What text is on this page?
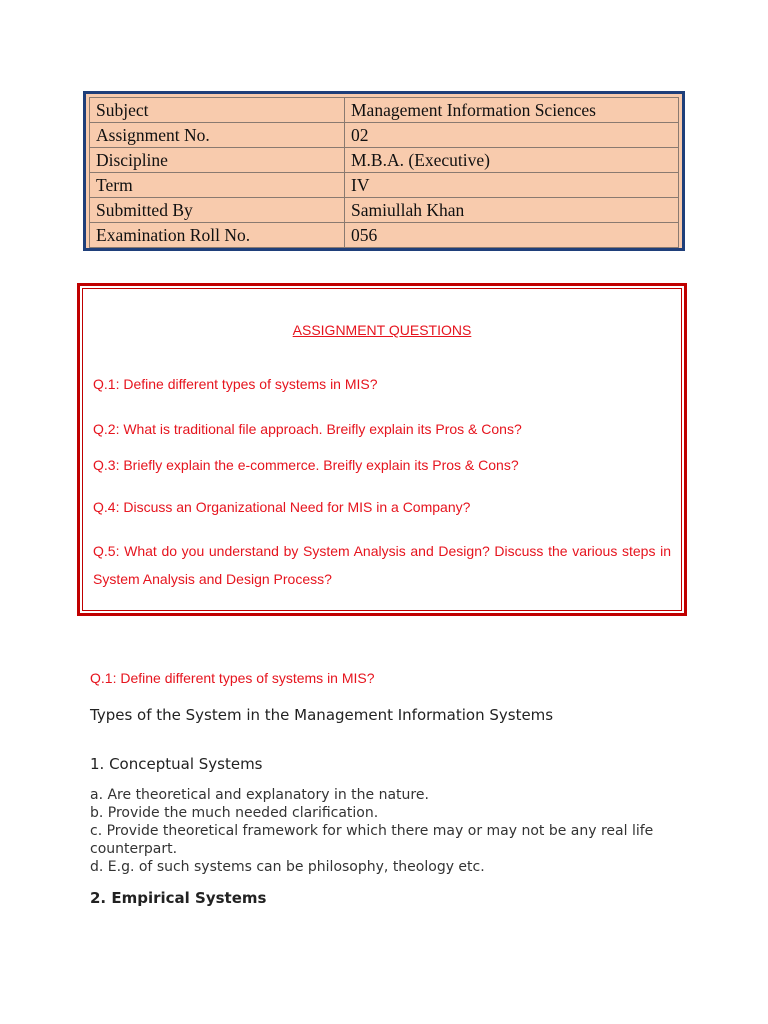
Subject	Management Information Sciences
Assignment No.	02
Discipline	M.B.A. (Executive)
Term	IV
Submitted By	Samiullah Khan
Examination Roll No.	056

ASSIGNMENT QUESTIONS

Q.1: Define different types of systems in MIS?

Q.2: What is traditional file approach. Breifly explain its Pros & Cons?

Q.3: Briefly explain the e-commerce. Breifly explain its Pros & Cons?

Q.4: Discuss an Organizational Need for MIS in a Company?

Q.5: What do you understand by System Analysis and Design? Discuss the various steps in System Analysis and Design Process?

Q.1: Define different types of systems in MIS?

Types of the System in the Management Information Systems

1. Conceptual Systems

a. Are theoretical and explanatory in the nature.
b. Provide the much needed clarification.
c. Provide theoretical framework for which there may or may not be any real life counterpart.
d. E.g. of such systems can be philosophy, theology etc.

2. Empirical Systems
